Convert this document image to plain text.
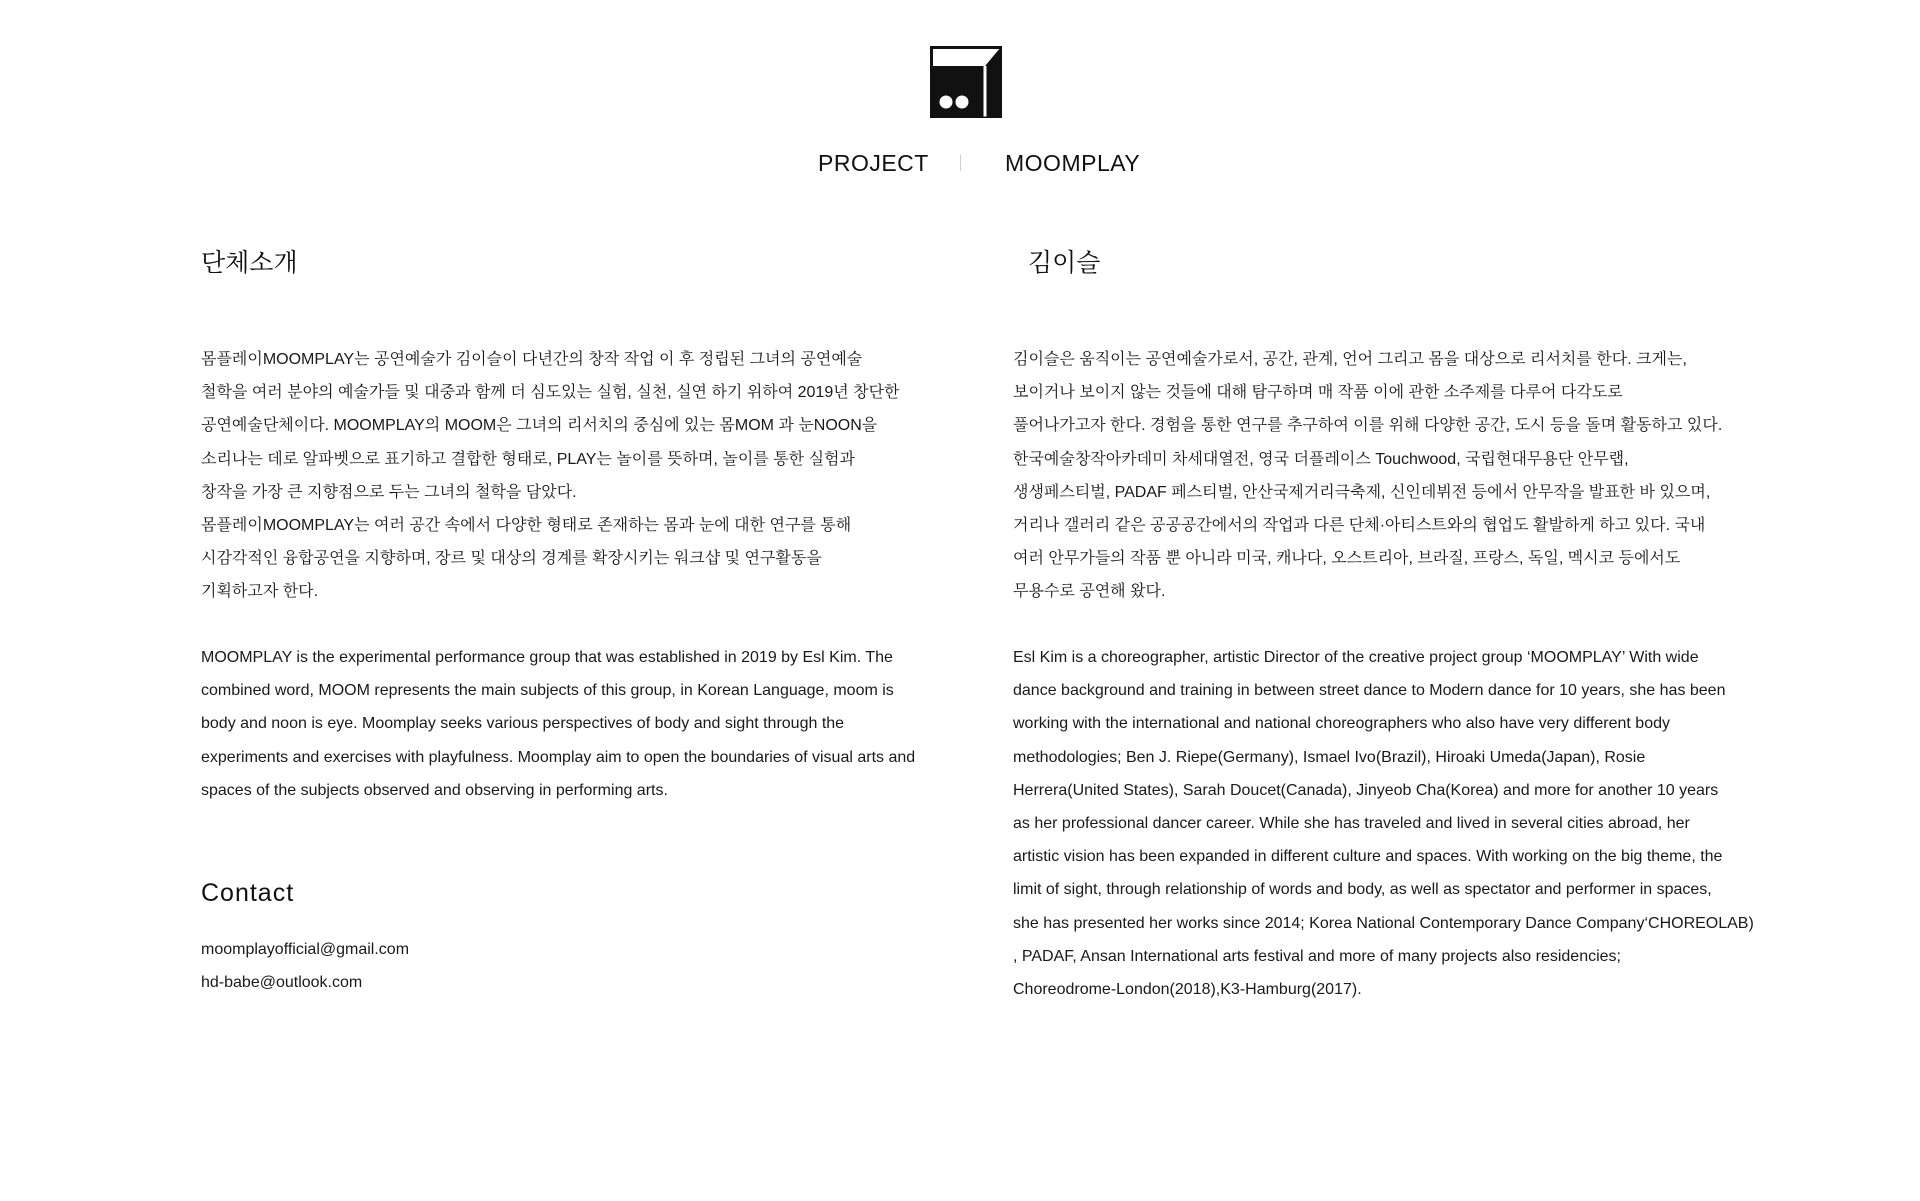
PROJECT	MOOMPLAY
단체소개

몸플레이MOOMPLAY는 공연예술가 김이슬이 다년간의 창작 작업 이 후 정립된 그녀의 공연예술
철학을 여러 분야의 예술가들 및 대중과 함께 더 심도있는 실험, 실천, 실연 하기 위하여 2019년 창단한
공연예술단체이다. MOOMPLAY의 MOOM은 그녀의 리서치의 중심에 있는 몸MOM 과 눈NOON을
소리나는 데로 알파벳으로 표기하고 결합한 형태로, PLAY는 놀이를 뜻하며, 놀이를 통한 실험과
창작을 가장 큰 지향점으로 두는 그녀의 철학을 담았다.
몸플레이MOOMPLAY는 여러 공간 속에서 다양한 형태로 존재하는 몸과 눈에 대한 연구를 통해
시감각적인 융합공연을 지향하며, 장르 및 대상의 경계를 확장시키는 워크샵 및 연구활동을
기획하고자 한다.

MOOMPLAY is the experimental performance group that was established in 2019 by Esl Kim. The
combined word, MOOM represents the main subjects of this group, in Korean Language, moom is
body and noon is eye. Moomplay seeks various perspectives of body and sight through the
experiments and exercises with playfulness. Moomplay aim to open the boundaries of visual arts and
spaces of the subjects observed and observing in performing arts.

Contact
moomplayofficial@gmail.com
hd-babe@outlook.com
김이슬

김이슬은 움직이는 공연예술가로서, 공간, 관계, 언어 그리고 몸을 대상으로 리서치를 한다. 크게는,
보이거나 보이지 않는 것들에 대해 탐구하며 매 작품 이에 관한 소주제를 다루어 다각도로
풀어나가고자 한다. 경험을 통한 연구를 추구하여 이를 위해 다양한 공간, 도시 등을 돌며 활동하고 있다.
한국예술창작아카데미 차세대열전, 영국 더플레이스 Touchwood, 국립현대무용단 안무랩,
생생페스티벌, PADAF 페스티벌, 안산국제거리극축제, 신인데뷔전 등에서 안무작을 발표한 바 있으며,
거리나 갤러리 같은 공공공간에서의 작업과 다른 단체·아티스트와의 협업도 활발하게 하고 있다. 국내
여러 안무가들의 작품 뿐 아니라 미국, 캐나다, 오스트리아, 브라질, 프랑스, 독일, 멕시코 등에서도
무용수로 공연해 왔다.

Esl Kim is a choreographer, artistic Director of the creative project group ‘MOOMPLAY’ With wide
dance background and training in between street dance to Modern dance for 10 years, she has been
working with the international and national choreographers who also have very different body
methodologies; Ben J. Riepe(Germany), Ismael Ivo(Brazil), Hiroaki Umeda(Japan), Rosie
Herrera(United States), Sarah Doucet(Canada), Jinyeob Cha(Korea) and more for another 10 years
as her professional dancer career. While she has traveled and lived in several cities abroad, her
artistic vision has been expanded in different culture and spaces. With working on the big theme, the
limit of sight, through relationship of words and body, as well as spectator and performer in spaces,
she has presented her works since 2014; Korea National Contemporary Dance Company‘CHOREOLAB)
, PADAF, Ansan International arts festival and more of many projects also residencies;
Choreodrome-London(2018),K3-Hamburg(2017).
